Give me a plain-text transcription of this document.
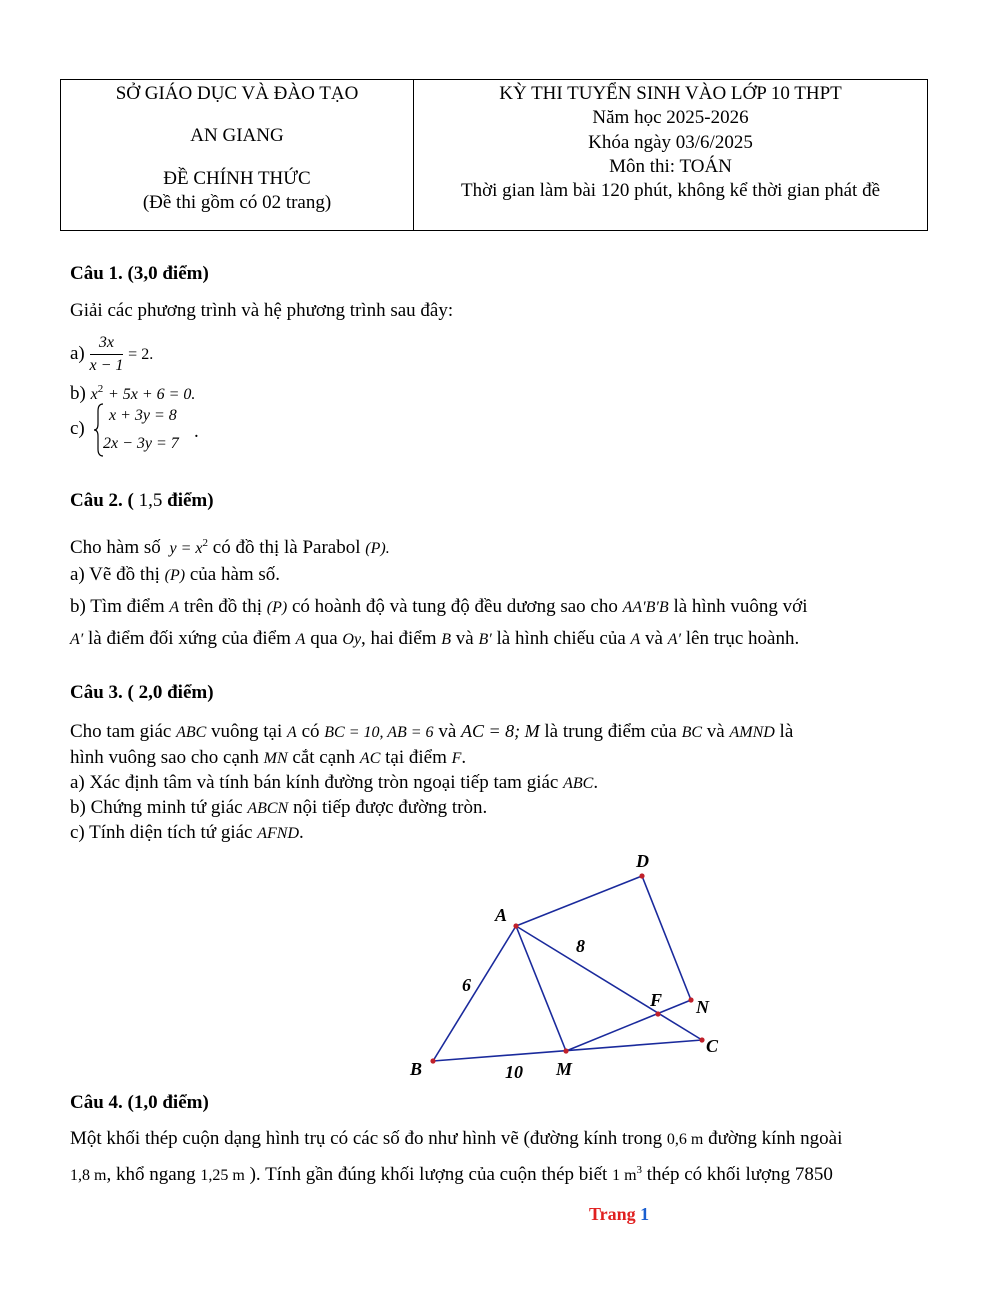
SỞ GIÁO DỤC VÀ ĐÀO TẠO
AN GIANG
ĐỀ CHÍNH THỨC
(Đề thi gồm có 02 trang)
KỲ THI TUYỂN SINH VÀO LỚP 10 THPT
Năm học 2025-2026
Khóa ngày 03/6/2025
Môn thi: TOÁN
Thời gian làm bài 120 phút, không kể thời gian phát đề
Câu 1. (3,0 điểm)
Giải các phương trình và hệ phương trình sau đây:
$a) \frac{3x}{x - 1} = 2$.
b) $x^2 + 5x + 6 = 0$.
c)
x + 3y = 8
2x − 3y = 7
.
Câu 2. ( 1,5 điểm)
Cho hàm số $y = x^2$ có đồ thị là Parabol (P).
a) Vẽ đồ thị (P) của hàm số.
b) Tìm điểm A trên đồ thị (P) có hoành độ và tung độ đều dương sao cho AA′B′B là hình vuông với
A′ là điểm đối xứng của điểm A qua Oy, hai điểm B và B′ là hình chiếu của A và A′ lên trục hoành.
Câu 3. ( 2,0 điểm)
Cho tam giác ABC vuông tại A có BC = 10, AB = 6 và AC = 8; M là trung điểm của BC và AMND là
hình vuông sao cho cạnh MN cắt cạnh AC tại điểm F.
a) Xác định tâm và tính bán kính đường tròn ngoại tiếp tam giác ABC.
b) Chứng minh tứ giác ABCN nội tiếp được đường tròn.
c) Tính diện tích tứ giác AFND.
A
B
C
D
M
N
F
6
8
10
Câu 4. (1,0 điểm)
Một khối thép cuộn dạng hình trụ có các số đo như hình vẽ (đường kính trong 0,6 m đường kính ngoài
1,8 m, khổ ngang 1,25 m ). Tính gần đúng khối lượng của cuộn thép biết 1 $m^3$ thép có khối lượng 7850
Trang 1
